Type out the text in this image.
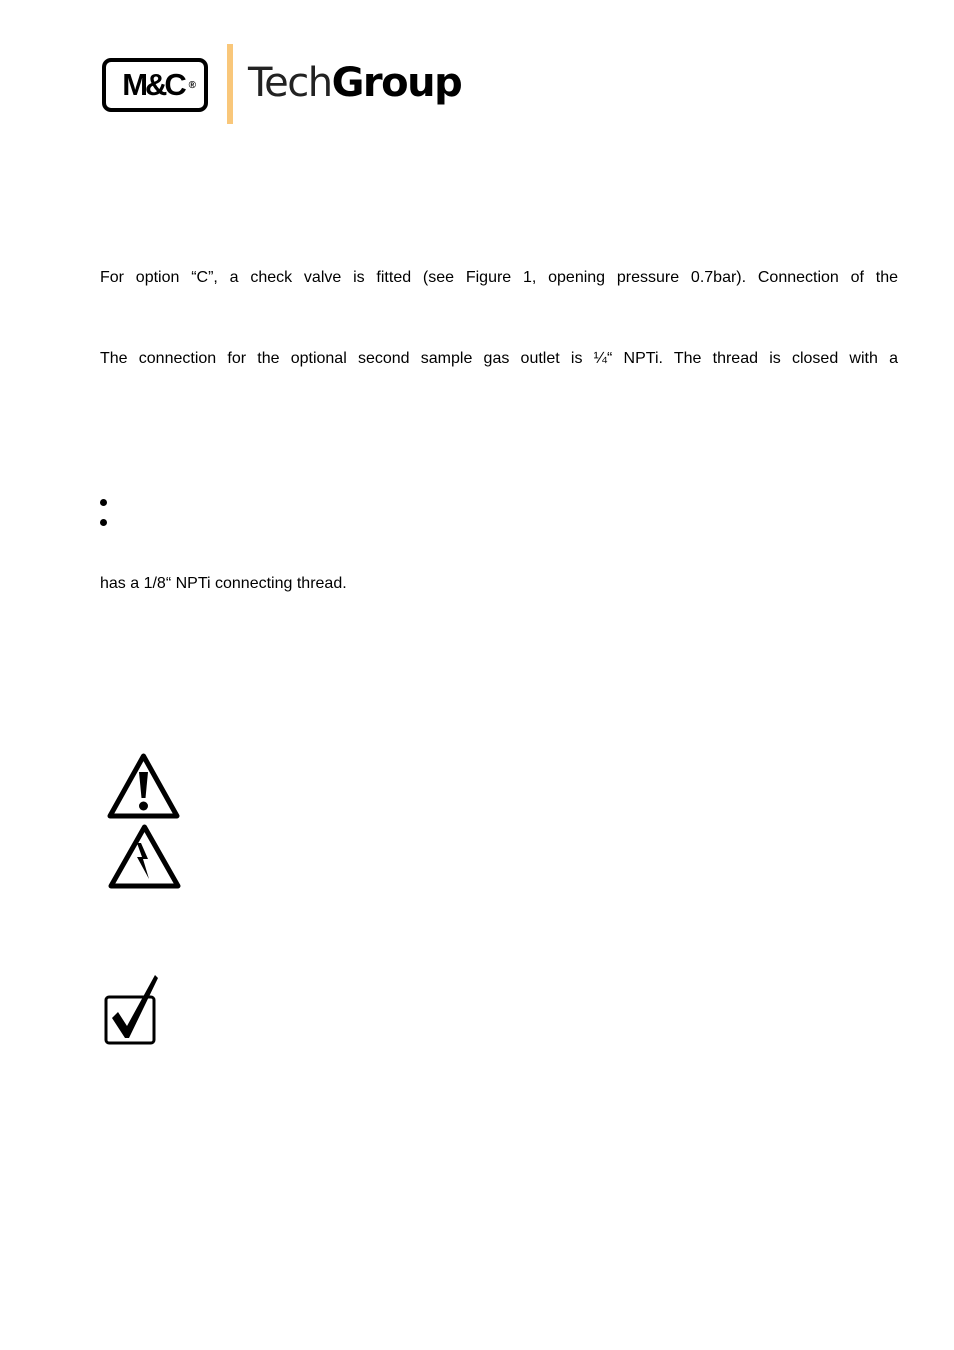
M&C ® TechGroup
For option “C”, a check valve is fitted (see Figure 1, opening pressure 0.7bar). Connection of the
The connection for the optional second sample gas outlet is ¼“ NPTi. The thread is closed with a
has a 1/8“ NPTi connecting thread.
